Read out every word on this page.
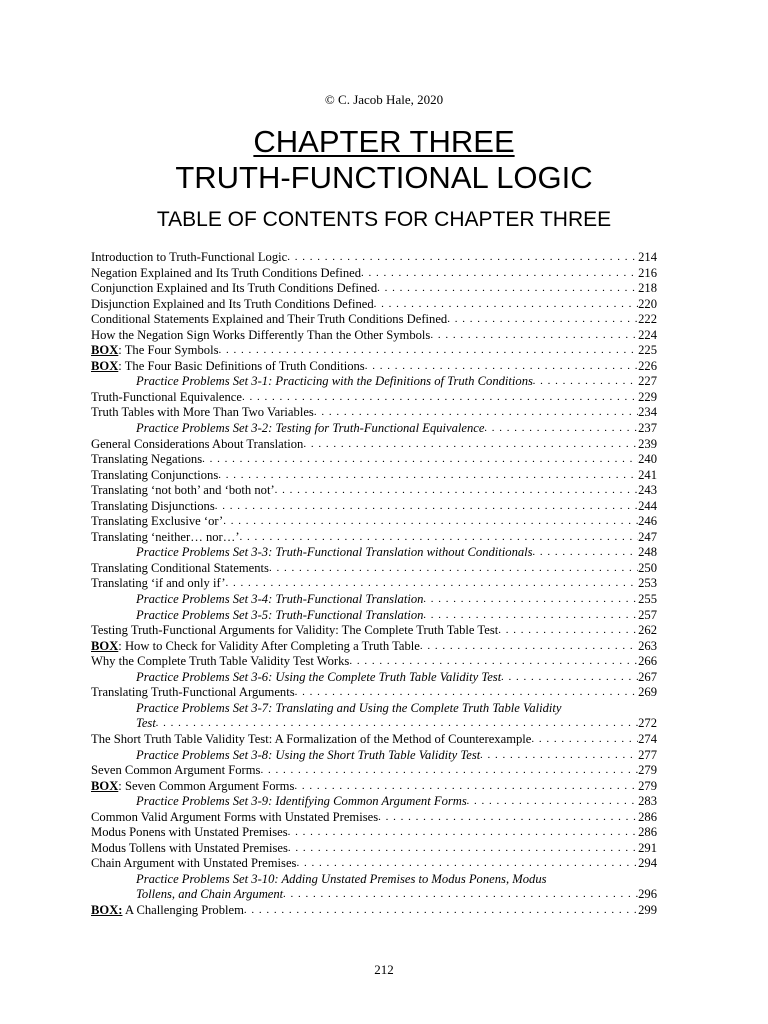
© C. Jacob Hale, 2020
CHAPTER THREE
TRUTH-FUNCTIONAL LOGIC
TABLE OF CONTENTS FOR CHAPTER THREE
Introduction to Truth-Functional Logic . . .	214
Negation Explained and Its Truth Conditions Defined . . .	216
Conjunction Explained and Its Truth Conditions Defined . . .	218
Disjunction Explained and Its Truth Conditions Defined . . .	220
Conditional Statements Explained and Their Truth Conditions Defined . . .	222
How the Negation Sign Works Differently Than the Other Symbols . . .	224
BOX: The Four Symbols . . .	225
BOX: The Four Basic Definitions of Truth Conditions . . .	226
Practice Problems Set 3-1: Practicing with the Definitions of Truth Conditions . . .	227
Truth-Functional Equivalence . . .	229
Truth Tables with More Than Two Variables . . .	234
Practice Problems Set 3-2: Testing for Truth-Functional Equivalence . . .	237
General Considerations About Translation . . .	239
Translating Negations . . .	240
Translating Conjunctions . . .	241
Translating ‘not both’ and ‘both not’ . . .	243
Translating Disjunctions . . .	244
Translating Exclusive ‘or’ . . .	246
Translating ‘neither… nor…’ . . .	247
Practice Problems Set 3-3: Truth-Functional Translation without Conditionals . . .	248
Translating Conditional Statements . . .	250
Translating ‘if and only if’ . . .	253
Practice Problems Set 3-4: Truth-Functional Translation . . .	255
Practice Problems Set 3-5: Truth-Functional Translation . . .	257
Testing Truth-Functional Arguments for Validity: The Complete Truth Table Test . . .	262
BOX: How to Check for Validity After Completing a Truth Table . . .	263
Why the Complete Truth Table Validity Test Works . . .	266
Practice Problems Set 3-6: Using the Complete Truth Table Validity Test . . .	267
Translating Truth-Functional Arguments . . .	269
Practice Problems Set 3-7: Translating and Using the Complete Truth Table Validity
Test . . .	272
The Short Truth Table Validity Test: A Formalization of the Method of Counterexample . . .	274
Practice Problems Set 3-8: Using the Short Truth Table Validity Test . . .	277
Seven Common Argument Forms . . .	279
BOX: Seven Common Argument Forms . . .	279
Practice Problems Set 3-9: Identifying Common Argument Forms . . .	283
Common Valid Argument Forms with Unstated Premises . . .	286
Modus Ponens with Unstated Premises . . .	286
Modus Tollens with Unstated Premises . . .	291
Chain Argument with Unstated Premises . . .	294
Practice Problems Set 3-10: Adding Unstated Premises to Modus Ponens, Modus
Tollens, and Chain Argument . . .	296
BOX: A Challenging Problem . . .	299
212
